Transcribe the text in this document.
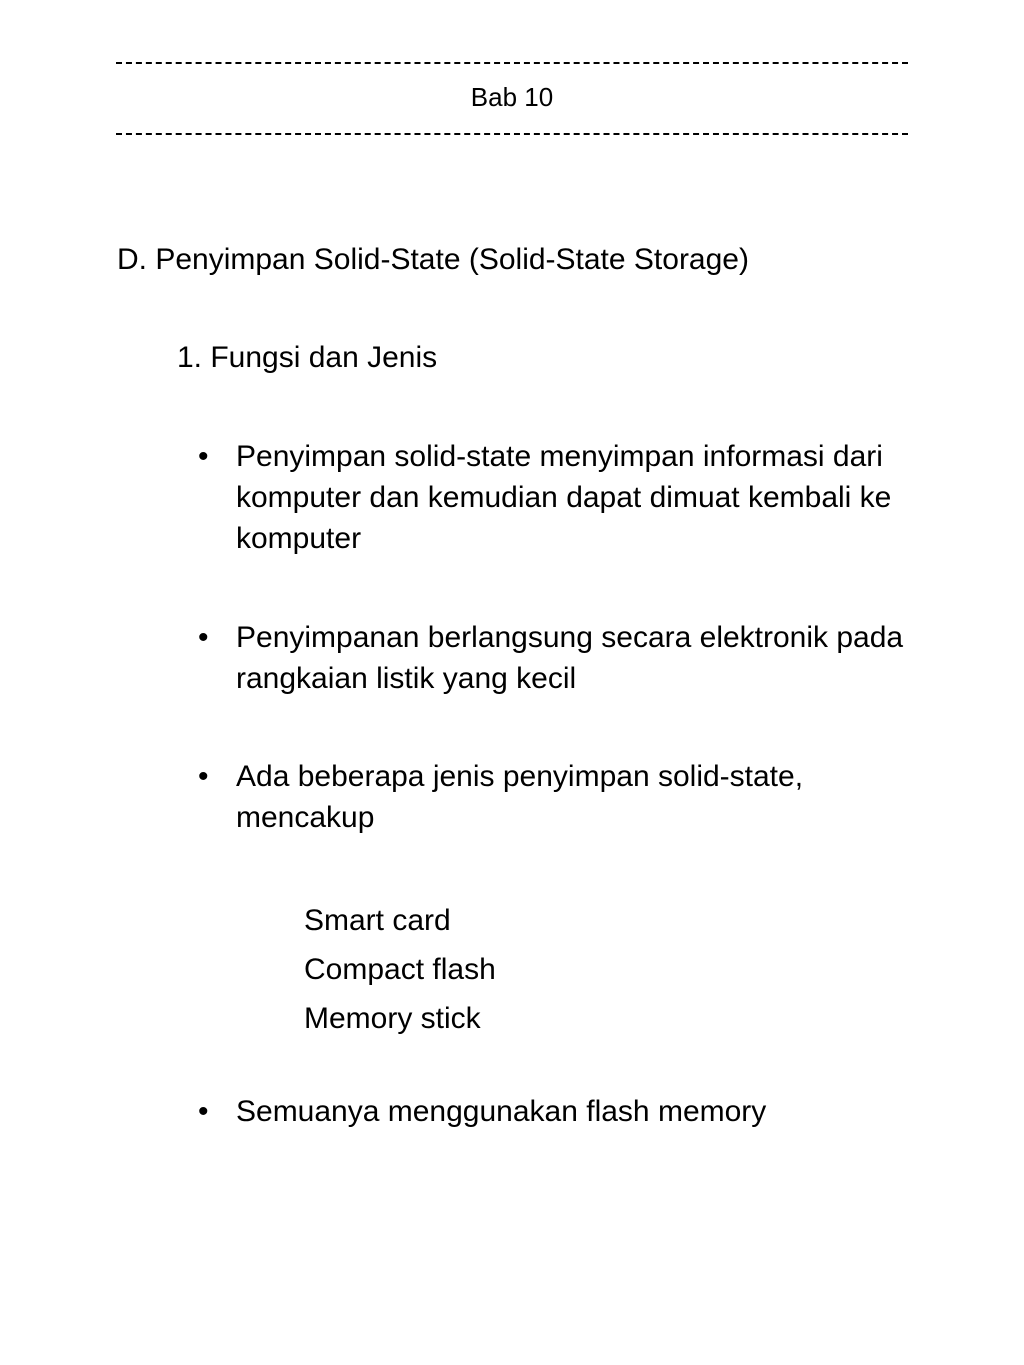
Bab 10
D. Penyimpan Solid-State (Solid-State Storage)
1. Fungsi dan Jenis
• Penyimpan solid-state menyimpan informasi dari komputer dan kemudian dapat dimuat kembali ke komputer
• Penyimpanan berlangsung secara elektronik pada rangkaian listik yang kecil
• Ada beberapa jenis penyimpan solid-state, mencakup
Smart card
Compact flash
Memory stick
• Semuanya menggunakan flash memory
